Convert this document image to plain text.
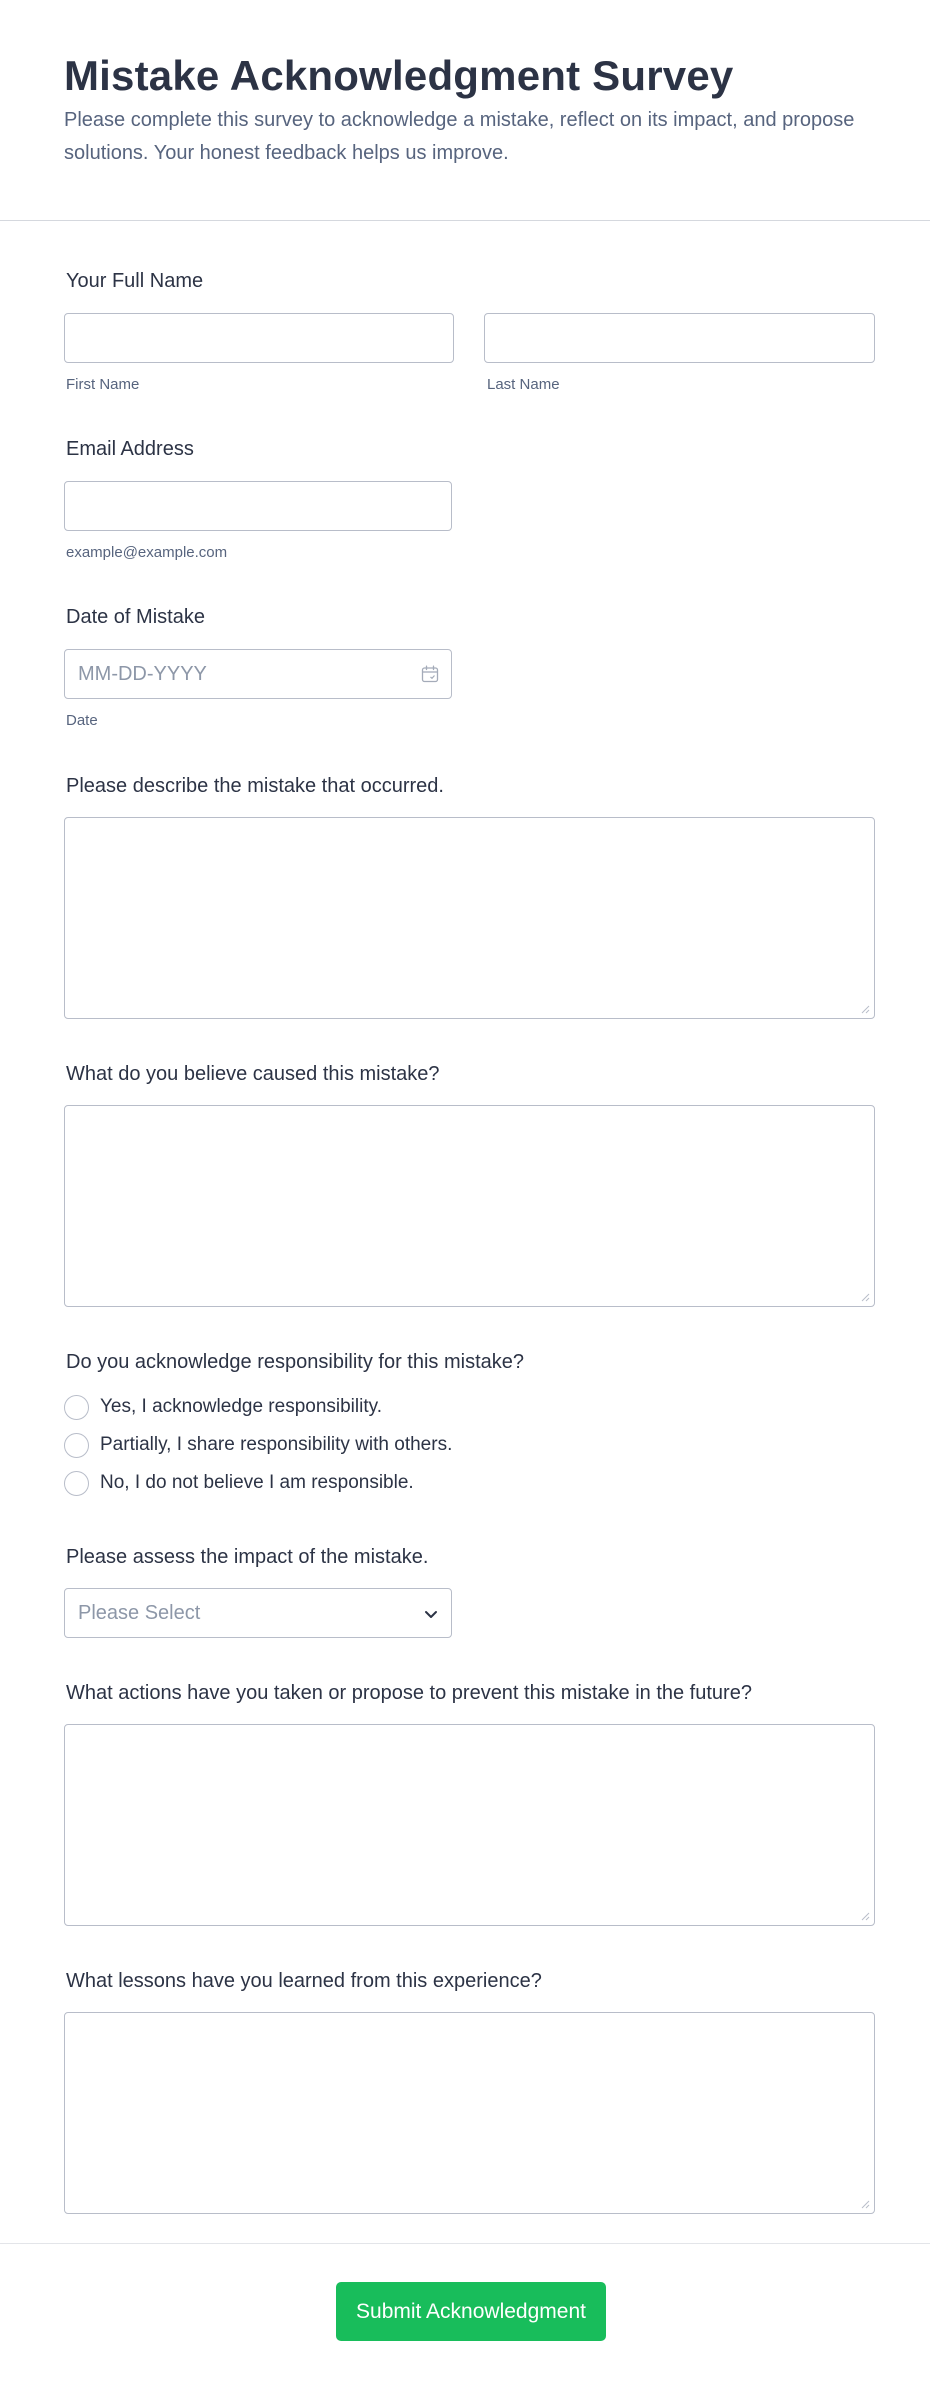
Mistake Acknowledgment Survey

Please complete this survey to acknowledge a mistake, reflect on its impact, and propose solutions. Your honest feedback helps us improve.

Your Full Name
First Name	Last Name
Email Address
example@example.com
Date of Mistake
MM-DD-YYYY
Date
Please describe the mistake that occurred.
What do you believe caused this mistake?
Do you acknowledge responsibility for this mistake?
Yes, I acknowledge responsibility.
Partially, I share responsibility with others.
No, I do not believe I am responsible.
Please assess the impact of the mistake.
Please Select
What actions have you taken or propose to prevent this mistake in the future?
What lessons have you learned from this experience?
Submit Acknowledgment
